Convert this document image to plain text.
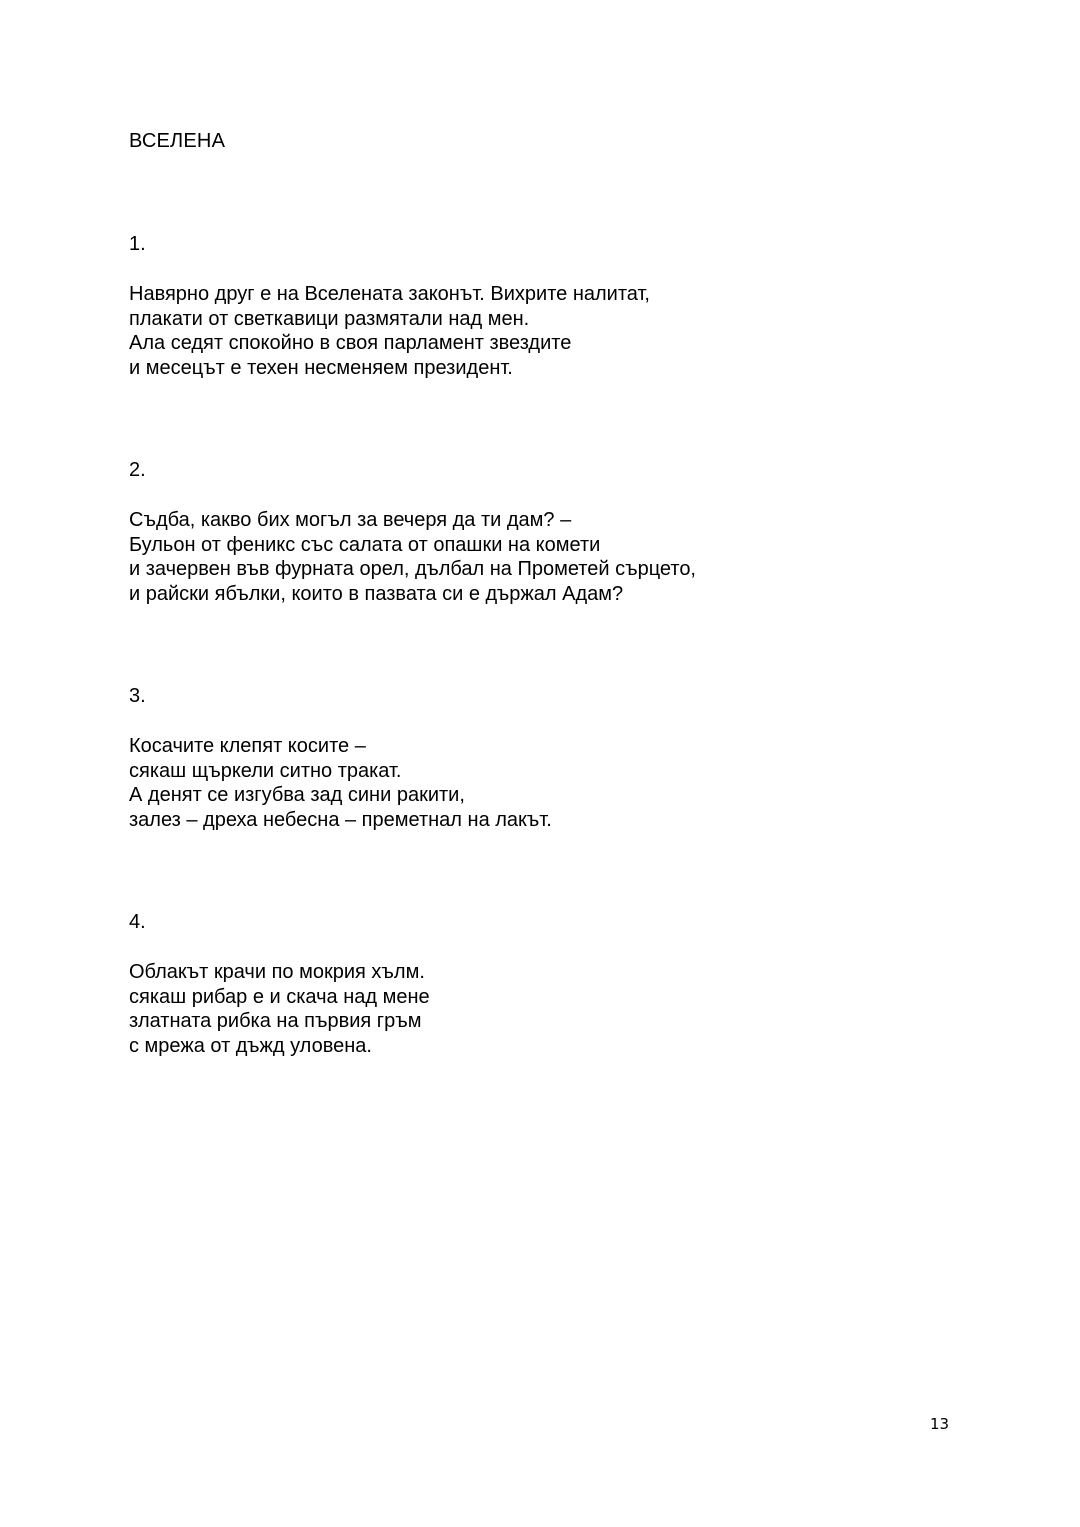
ВСЕЛЕНА
1.
Навярно друг е на Вселената законът. Вихрите налитат,
плакати от светкавици размятали над мен.
Ала седят спокойно в своя парламент звездите
и месецът е техен несменяем президент.
2.
Съдба, какво бих могъл за вечеря да ти дам? –
Бульон от феникс със салата от опашки на комети
и зачервен във фурната орел, дълбал на Прометей сърцето,
и райски ябълки, които в пазвата си е държал Адам?
3.
Косачите клепят косите –
сякаш щъркели ситно тракат.
А денят се изгубва зад сини ракити,
залез – дреха небесна – преметнал на лакът.
4.
Облакът крачи по мокрия хълм.
сякаш рибар е и скача над мене
златната рибка на първия гръм
с мрежа от дъжд уловена.
13
